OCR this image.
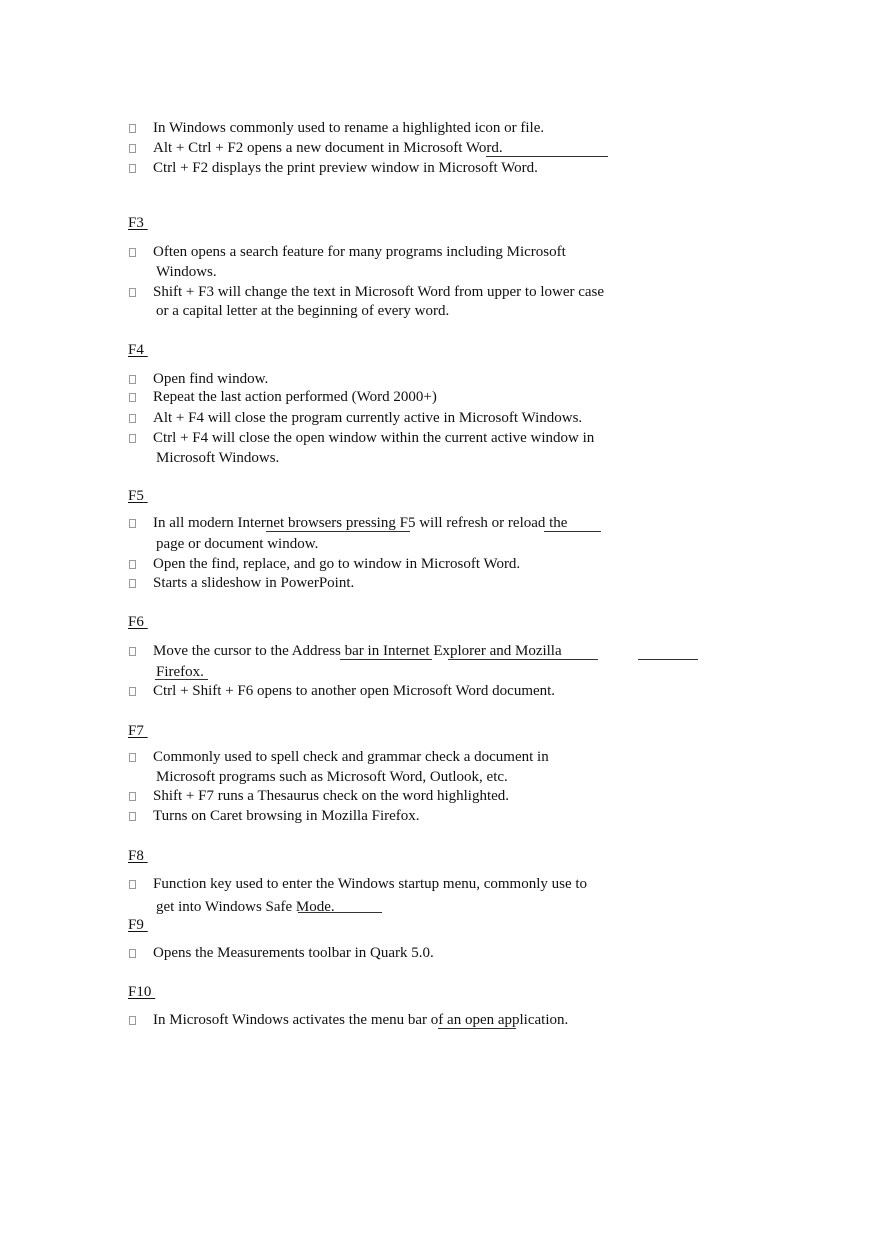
In Windows commonly used to rename a highlighted icon or file.
Alt + Ctrl + F2 opens a new document in Microsoft Word.
Ctrl + F2 displays the print preview window in Microsoft Word.
F3
Often opens a search feature for many programs including Microsoft
Windows.
Shift + F3 will change the text in Microsoft Word from upper to lower case
or a capital letter at the beginning of every word.
F4
Open find window.
Repeat the last action performed (Word 2000+)
Alt + F4 will close the program currently active in Microsoft Windows.
Ctrl + F4 will close the open window within the current active window in
Microsoft Windows.
F5
In all modern Internet browsers pressing F5 will refresh or reload the
page or document window.
Open the find, replace, and go to window in Microsoft Word.
Starts a slideshow in PowerPoint.
F6
Move the cursor to the Address bar in Internet Explorer and Mozilla
Firefox.
Ctrl + Shift + F6 opens to another open Microsoft Word document.
F7
Commonly used to spell check and grammar check a document in
Microsoft programs such as Microsoft Word, Outlook, etc.
Shift + F7 runs a Thesaurus check on the word highlighted.
Turns on Caret browsing in Mozilla Firefox.
F8
Function key used to enter the Windows startup menu, commonly use to
get into Windows Safe Mode.
F9
Opens the Measurements toolbar in Quark 5.0.
F10
In Microsoft Windows activates the menu bar of an open application.
